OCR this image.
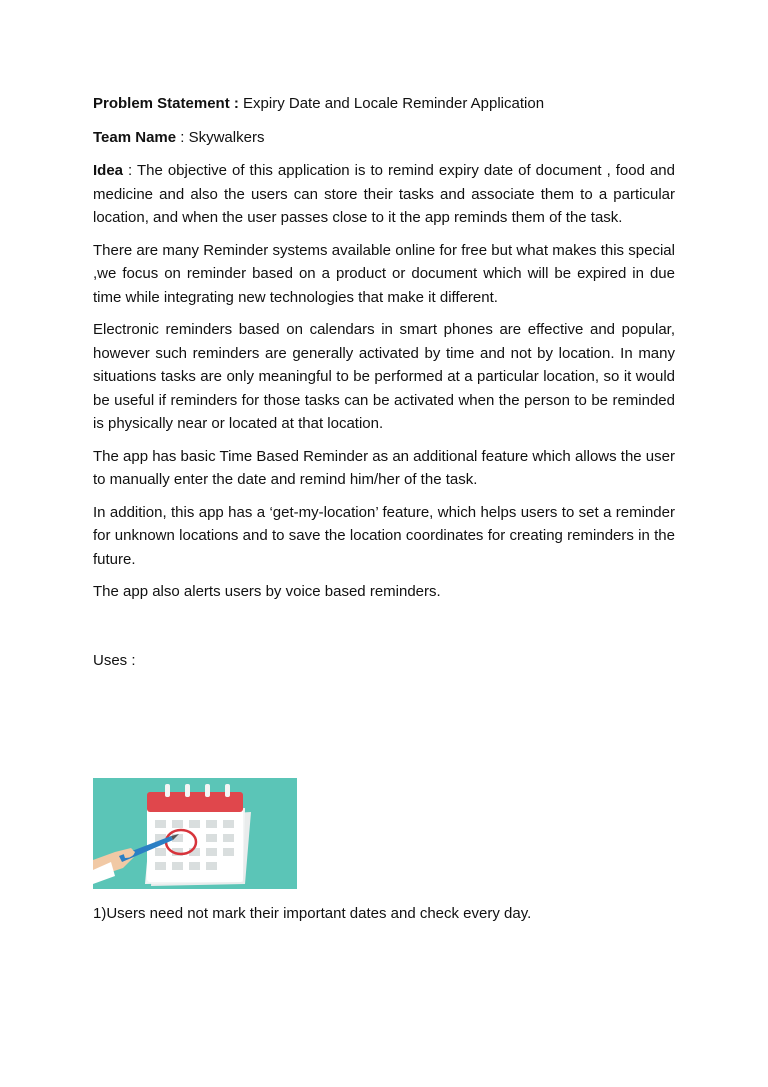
Problem Statement : Expiry Date and Locale Reminder Application

Team Name : Skywalkers

Idea : The objective of this application is to remind expiry date of document , food and medicine and also the users can store their tasks and associate them to a particular location, and when the user passes close to it the app reminds them of the task.

There are many Reminder systems available online for free but what makes this special ,we focus on reminder based on a product or document which will be expired in due time while integrating new technologies that make it different.

Electronic reminders based on calendars in smart phones are effective and popular, however such reminders are generally activated by time and not by location. In many situations tasks are only meaningful to be performed at a particular location, so it would be useful if reminders for those tasks can be activated when the person to be reminded is physically near or located at that location.

The app has basic Time Based Reminder as an additional feature which allows the user to manually enter the date and remind him/her of the task.

In addition, this app has a ‘get-my-location’ feature, which helps users to set a reminder for unknown locations and to save the location coordinates for creating reminders in the future.

The app also alerts users by voice based reminders.

Uses :

1)Users need not mark their important dates and check every day.
